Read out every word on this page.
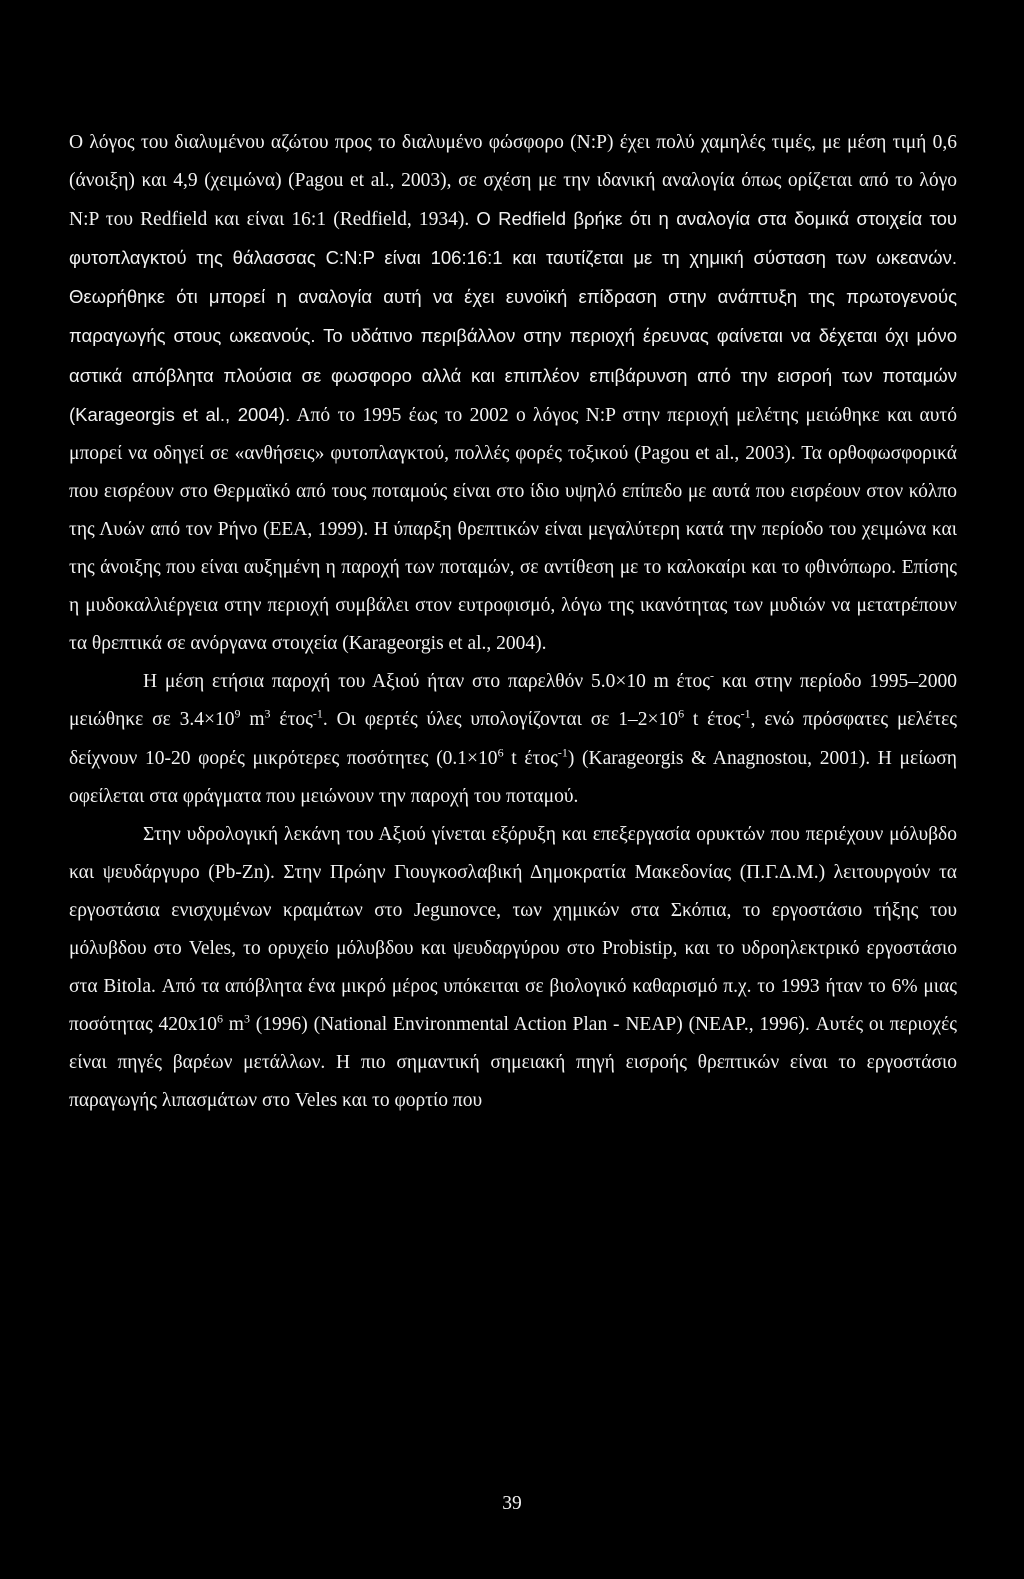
Ο λόγος του διαλυμένου αζώτου προς το διαλυμένο φώσφορο (N:P) έχει πολύ χαμηλές τιμές, με μέση τιμή 0,6 (άνοιξη) και 4,9 (χειμώνα) (Pagou et al., 2003), σε σχέση με την ιδανική αναλογία όπως ορίζεται από το λόγο N:P του Redfield και είναι 16:1 (Redfield, 1934). Ο Redfield βρήκε ότι η αναλογία στα δομικά στοιχεία του φυτοπλαγκτού της θάλασσας C:N:P είναι 106:16:1 και ταυτίζεται με τη χημική σύσταση των ωκεανών. Θεωρήθηκε ότι μπορεί η αναλογία αυτή να έχει ευνοϊκή επίδραση στην ανάπτυξη της πρωτογενούς παραγωγής στους ωκεανούς. Το υδάτινο περιβάλλον στην περιοχή έρευνας φαίνεται να δέχεται όχι μόνο αστικά απόβλητα πλούσια σε φωσφορο αλλά και επιπλέον επιβάρυνση από την εισροή των ποταμών (Karageorgis et al., 2004). Από το 1995 έως το 2002 ο λόγος N:P στην περιοχή μελέτης μειώθηκε και αυτό μπορεί να οδηγεί σε «ανθήσεις» φυτοπλαγκτού, πολλές φορές τοξικού (Pagou et al., 2003). Τα ορθοφωσφορικά που εισρέουν στο Θερμαϊκό από τους ποταμούς είναι στο ίδιο υψηλό επίπεδο με αυτά που εισρέουν στον κόλπο της Λυών από τον Ρήνο (ΕΕΑ, 1999). Η ύπαρξη θρεπτικών είναι μεγαλύτερη κατά την περίοδο του χειμώνα και της άνοιξης που είναι αυξημένη η παροχή των ποταμών, σε αντίθεση με το καλοκαίρι και το φθινόπωρο. Επίσης η μυδοκαλλιέργεια στην περιοχή συμβάλει στον ευτροφισμό, λόγω της ικανότητας των μυδιών να μετατρέπουν τα θρεπτικά σε ανόργανα στοιχεία (Karageorgis et al., 2004).

Η μέση ετήσια παροχή του Αξιού ήταν στο παρελθόν 5.0×10 m έτος- και στην περίοδο 1995–2000 μειώθηκε σε $3.4\times 10^9$ $m^3$ έτος$^{-1}$. Οι φερτές ύλες υπολογίζονται σε $1-2\times 10^6$ t έτος$^{-1}$, ενώ πρόσφατες μελέτες δείχνουν 10-20 φορές μικρότερες ποσότητες ($0.1\times 10^6$ t έτος$^{-1}$) (Karageorgis & Anagnostou, 2001). Η μείωση οφείλεται στα φράγματα που μειώνουν την παροχή του ποταμού.

Στην υδρολογική λεκάνη του Αξιού γίνεται εξόρυξη και επεξεργασία ορυκτών που περιέχουν μόλυβδο και ψευδάργυρο (Pb-Zn). Στην Πρώην Γιουγκοσλαβική Δημοκρατία Μακεδονίας (Π.Γ.Δ.Μ.) λειτουργούν τα εργοστάσια ενισχυμένων κραμάτων στο Jegunovce, των χημικών στα Σκόπια, το εργοστάσιο τήξης του μόλυβδου στο Veles, το ορυχείο μόλυβδου και ψευδαργύρου στο Probistip, και το υδροηλεκτρικό εργοστάσιο στα Bitola. Από τα απόβλητα ένα μικρό μέρος υπόκειται σε βιολογικό καθαρισμό π.χ. το 1993 ήταν το 6% μιας ποσότητας $420x10^6$ $m^3$ (1996) (National Environmental Action Plan - NEAP) (NEAP., 1996). Αυτές οι περιοχές είναι πηγές βαρέων μετάλλων. Η πιο σημαντική σημειακή πηγή εισροής θρεπτικών είναι το εργοστάσιο παραγωγής λιπασμάτων στο Veles και το φορτίο που

39
